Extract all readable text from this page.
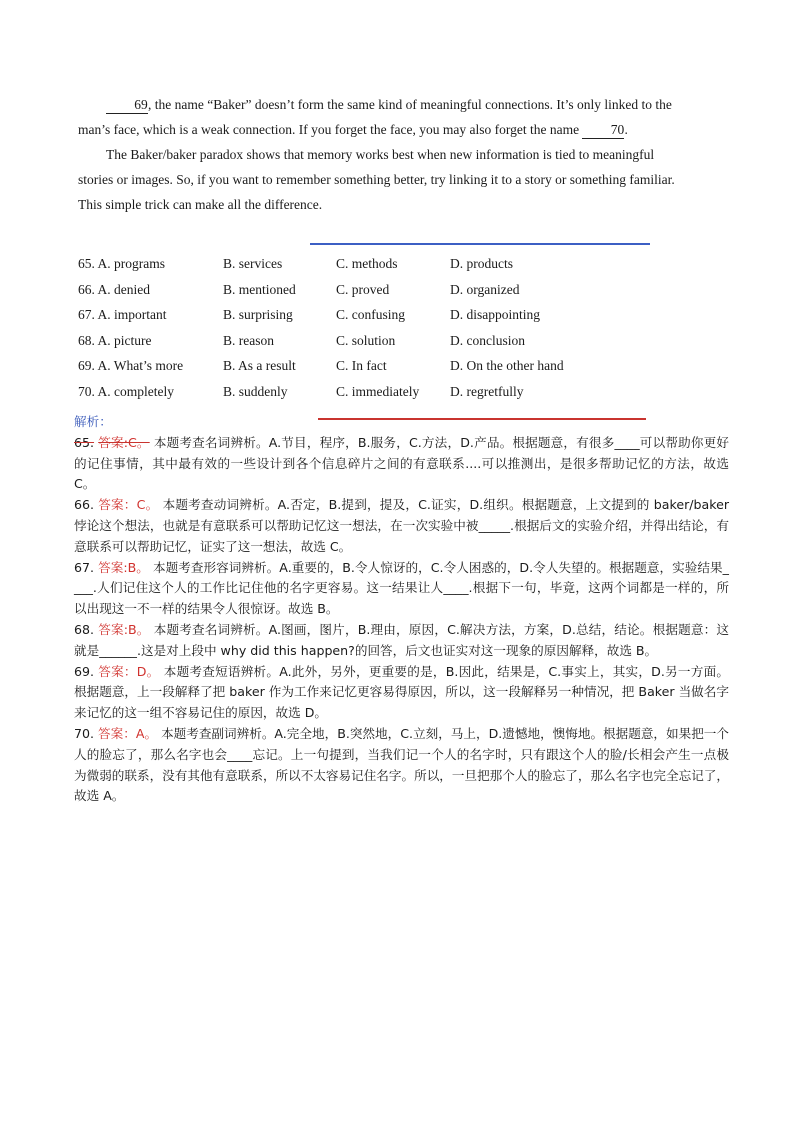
69, the name “Baker” doesn’t form the same kind of meaningful connections. It’s only linked to the man’s face, which is a weak connection. If you forget the face, you may also forget the name 70.

The Baker/baker paradox shows that memory works best when new information is tied to meaningful stories or images. So, if you want to remember something better, try linking it to a story or something familiar. This simple trick can make all the difference.

65. A. programs	B. services	C. methods	D. products
66. A. denied	B. mentioned	C. proved	D. organized
67. A. important	B. surprising	C. confusing	D. disappointing
68. A. picture	B. reason	C. solution	D. conclusion
69. A. What’s more	B. As a result	C. In fact	D. On the other hand
70. A. completely	B. suddenly	C. immediately D. regretfully

解析：

65. 答案:C。 本题考查名词辨析。A.节目，程序，B.服务，C.方法，D.产品。根据题意，有很多____可以帮助你更好的记住事情，其中最有效的一些设计到各个信息碎片之间的有意联系....可以推测出，是很多帮助记忆的方法，故选 C。

66. 答案：C。 本题考查动词辨析。A.否定，B.提到，提及，C.证实，D.组织。根据题意，上文提到的 baker/baker 悖论这个想法，也就是有意联系可以帮助记忆这一想法，在一次实验中被_____.根据后文的实验介绍，并得出结论，有意联系可以帮助记忆，证实了这一想法，故选 C。

67. 答案:B。 本题考查形容词辨析。A.重要的，B.令人惊讶的，C.令人困惑的，D.令人失望的。根据题意，实验结果____.人们记住这个人的工作比记住他的名字更容易。这一结果让人____.根据下一句，毕竟，这两个词都是一样的，所以出现这一不一样的结果令人很惊讶。故选 B。

68. 答案:B。 本题考查名词辨析。A.图画，图片，B.理由，原因，C.解决方法，方案，D.总结，结论。根据题意：这就是______.这是对上段中 why did this happen?的回答，后文也证实对这一现象的原因解释，故选 B。

69. 答案：D。 本题考查短语辨析。A.此外，另外，更重要的是，B.因此，结果是，C.事实上，其实，D.另一方面。根据题意，上一段解释了把 baker 作为工作来记忆更容易得原因，所以，这一段解释另一种情况，把 Baker 当做名字来记忆的这一组不容易记住的原因，故选 D。

70. 答案：A。 本题考查副词辨析。A.完全地，B.突然地，C.立刻，马上，D.遗憾地，懊悔地。根据题意，如果把一个人的脸忘了，那么名字也会____忘记。上一句提到，当我们记一个人的名字时，只有跟这个人的脸/长相会产生一点极为微弱的联系，没有其他有意联系，所以不太容易记住名字。所以，一旦把那个人的脸忘了，那么名字也完全忘记了，故选 A。
